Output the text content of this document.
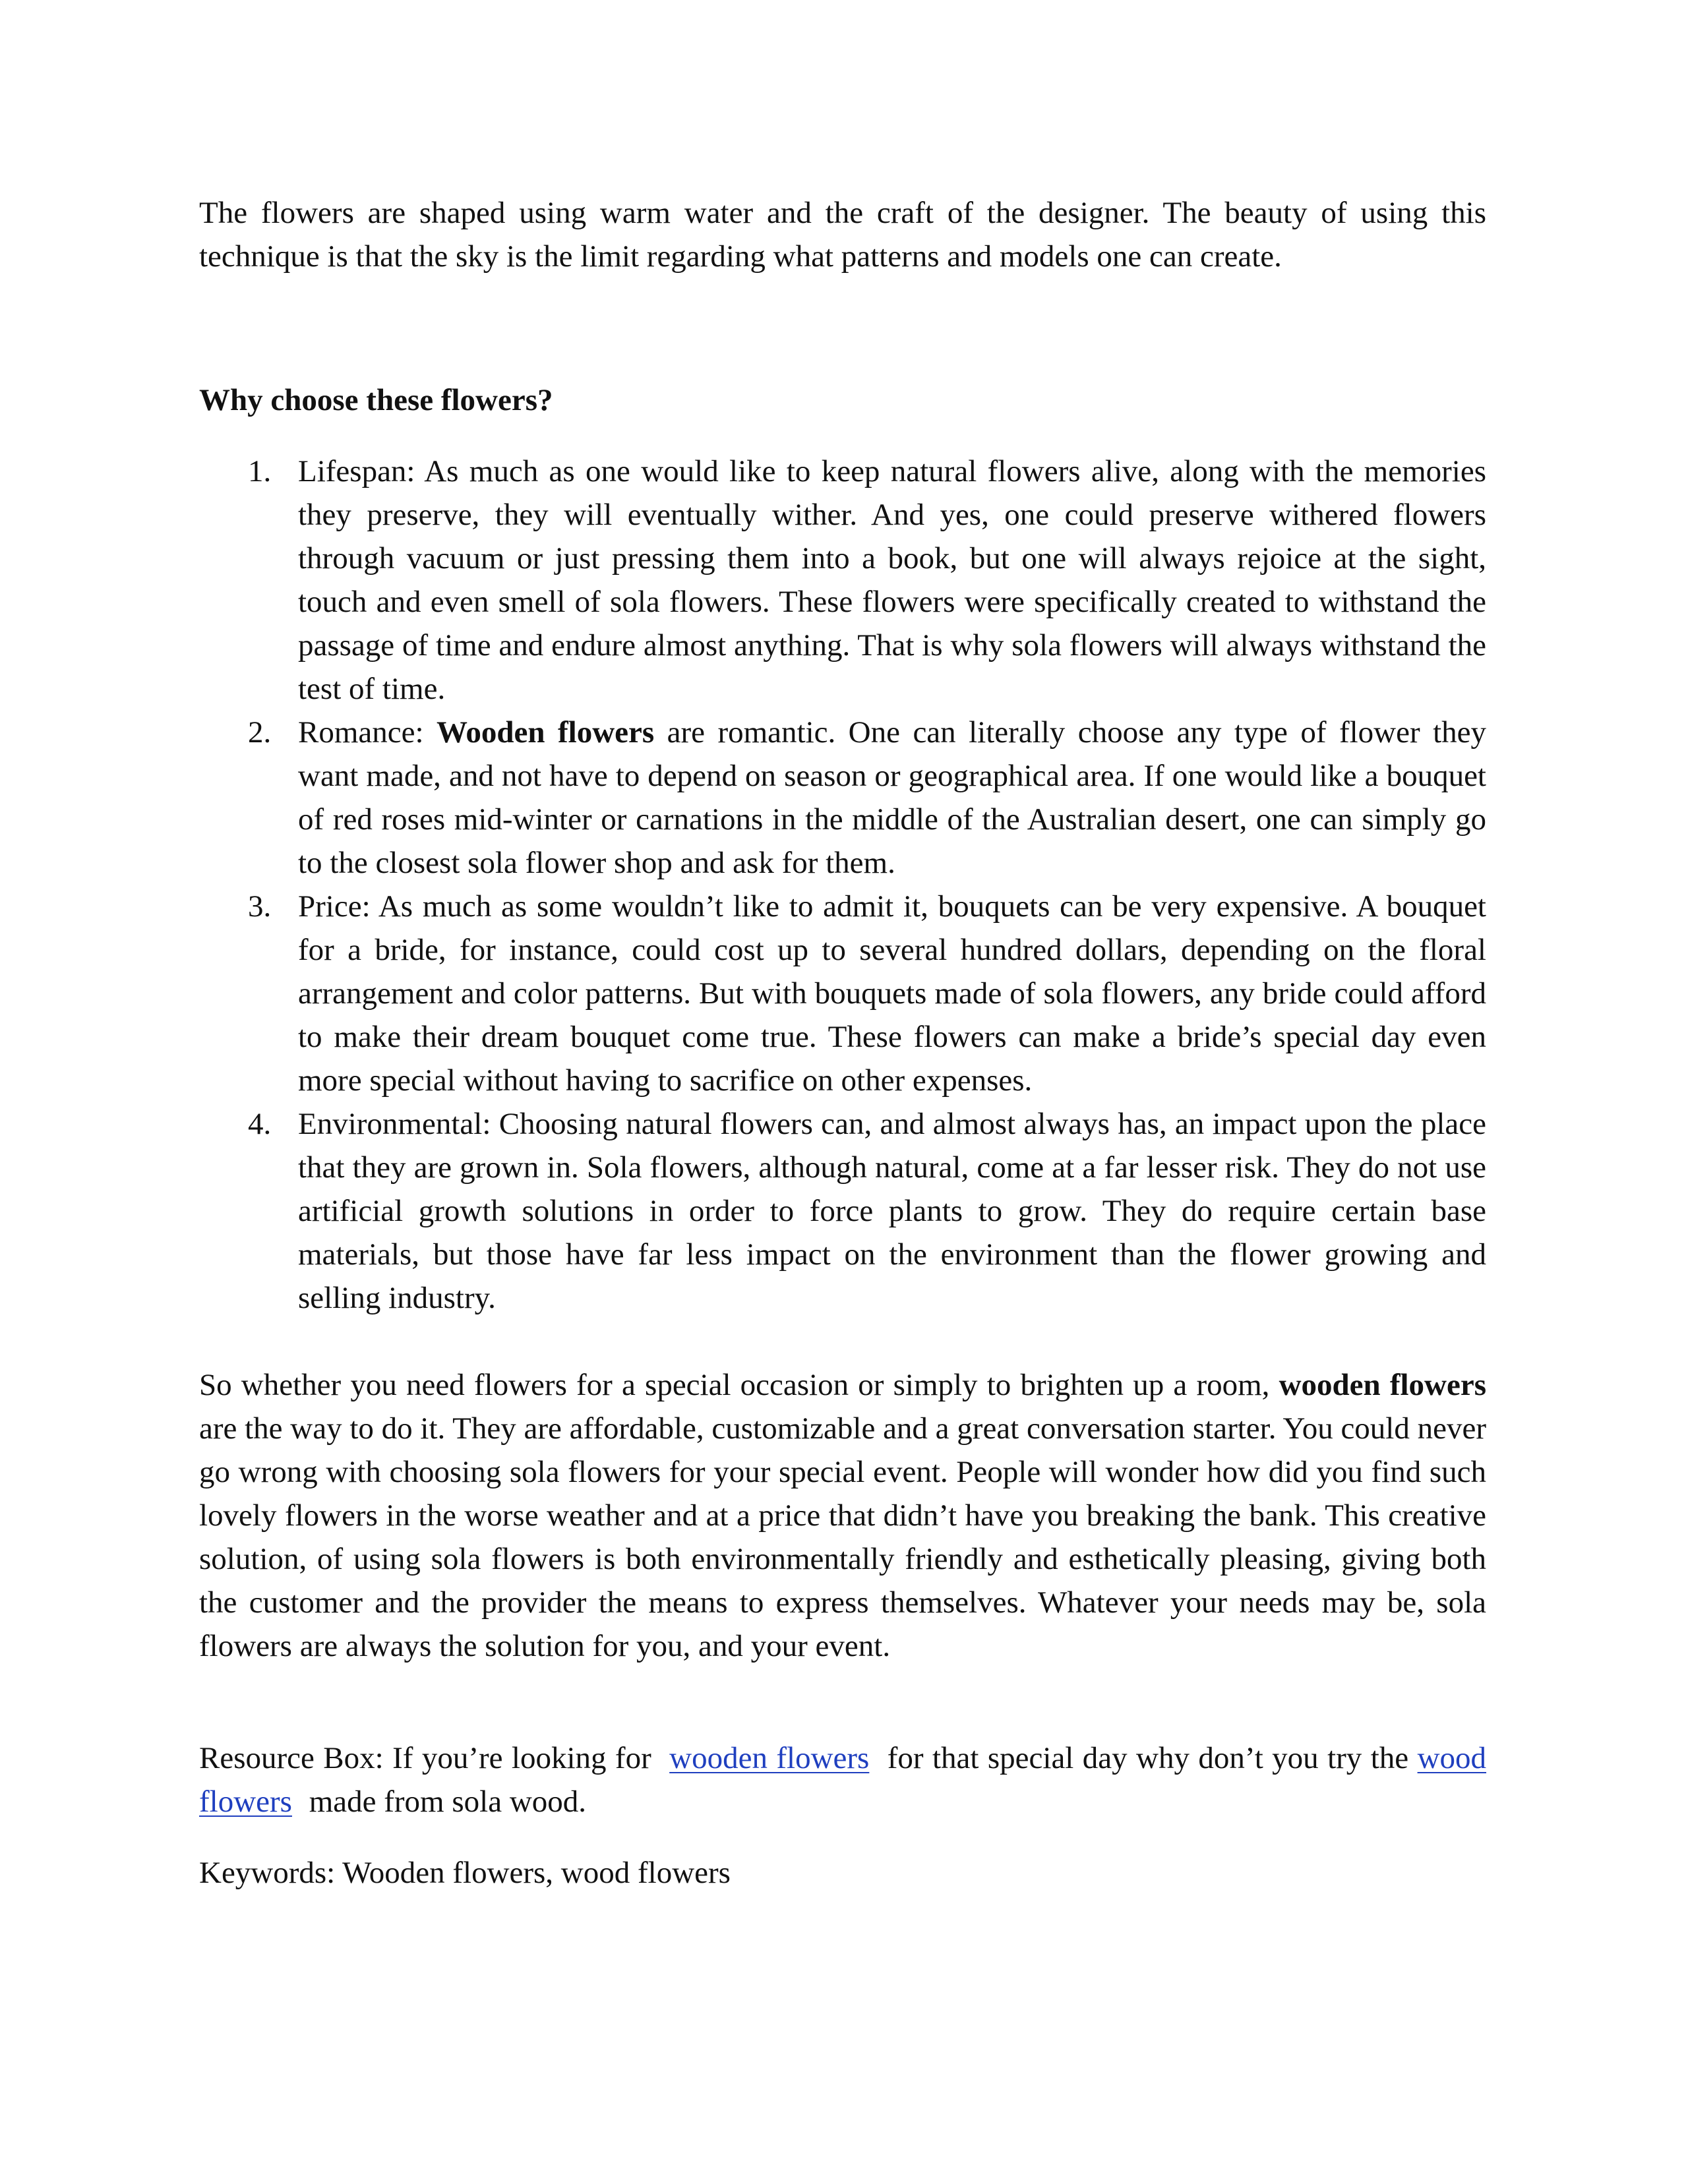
The flowers are shaped using warm water and the craft of the designer. The beauty of using this technique is that the sky is the limit regarding what patterns and models one can create.

Why choose these flowers?

1. Lifespan: As much as one would like to keep natural flowers alive, along with the memories they preserve, they will eventually wither. And yes, one could preserve withered flowers through vacuum or just pressing them into a book, but one will always rejoice at the sight, touch and even smell of sola flowers. These flowers were specifically created to withstand the passage of time and endure almost anything. That is why sola flowers will always withstand the test of time.
2. Romance: Wooden flowers are romantic. One can literally choose any type of flower they want made, and not have to depend on season or geographical area. If one would like a bouquet of red roses mid-winter or carnations in the middle of the Australian desert, one can simply go to the closest sola flower shop and ask for them.
3. Price: As much as some wouldn’t like to admit it, bouquets can be very expensive. A bouquet for a bride, for instance, could cost up to several hundred dollars, depending on the floral arrangement and color patterns. But with bouquets made of sola flowers, any bride could afford to make their dream bouquet come true. These flowers can make a bride’s special day even more special without having to sacrifice on other expenses.
4. Environmental: Choosing natural flowers can, and almost always has, an impact upon the place that they are grown in. Sola flowers, although natural, come at a far lesser risk. They do not use artificial growth solutions in order to force plants to grow. They do require certain base materials, but those have far less impact on the environment than the flower growing and selling industry.

So whether you need flowers for a special occasion or simply to brighten up a room, wooden flowers are the way to do it. They are affordable, customizable and a great conversation starter. You could never go wrong with choosing sola flowers for your special event. People will wonder how did you find such lovely flowers in the worse weather and at a price that didn’t have you breaking the bank. This creative solution, of using sola flowers is both environmentally friendly and esthetically pleasing, giving both the customer and the provider the means to express themselves. Whatever your needs may be, sola flowers are always the solution for you, and your event.

Resource Box: If you’re looking for wooden flowers for that special day why don’t you try the wood flowers made from sola wood.

Keywords: Wooden flowers, wood flowers
